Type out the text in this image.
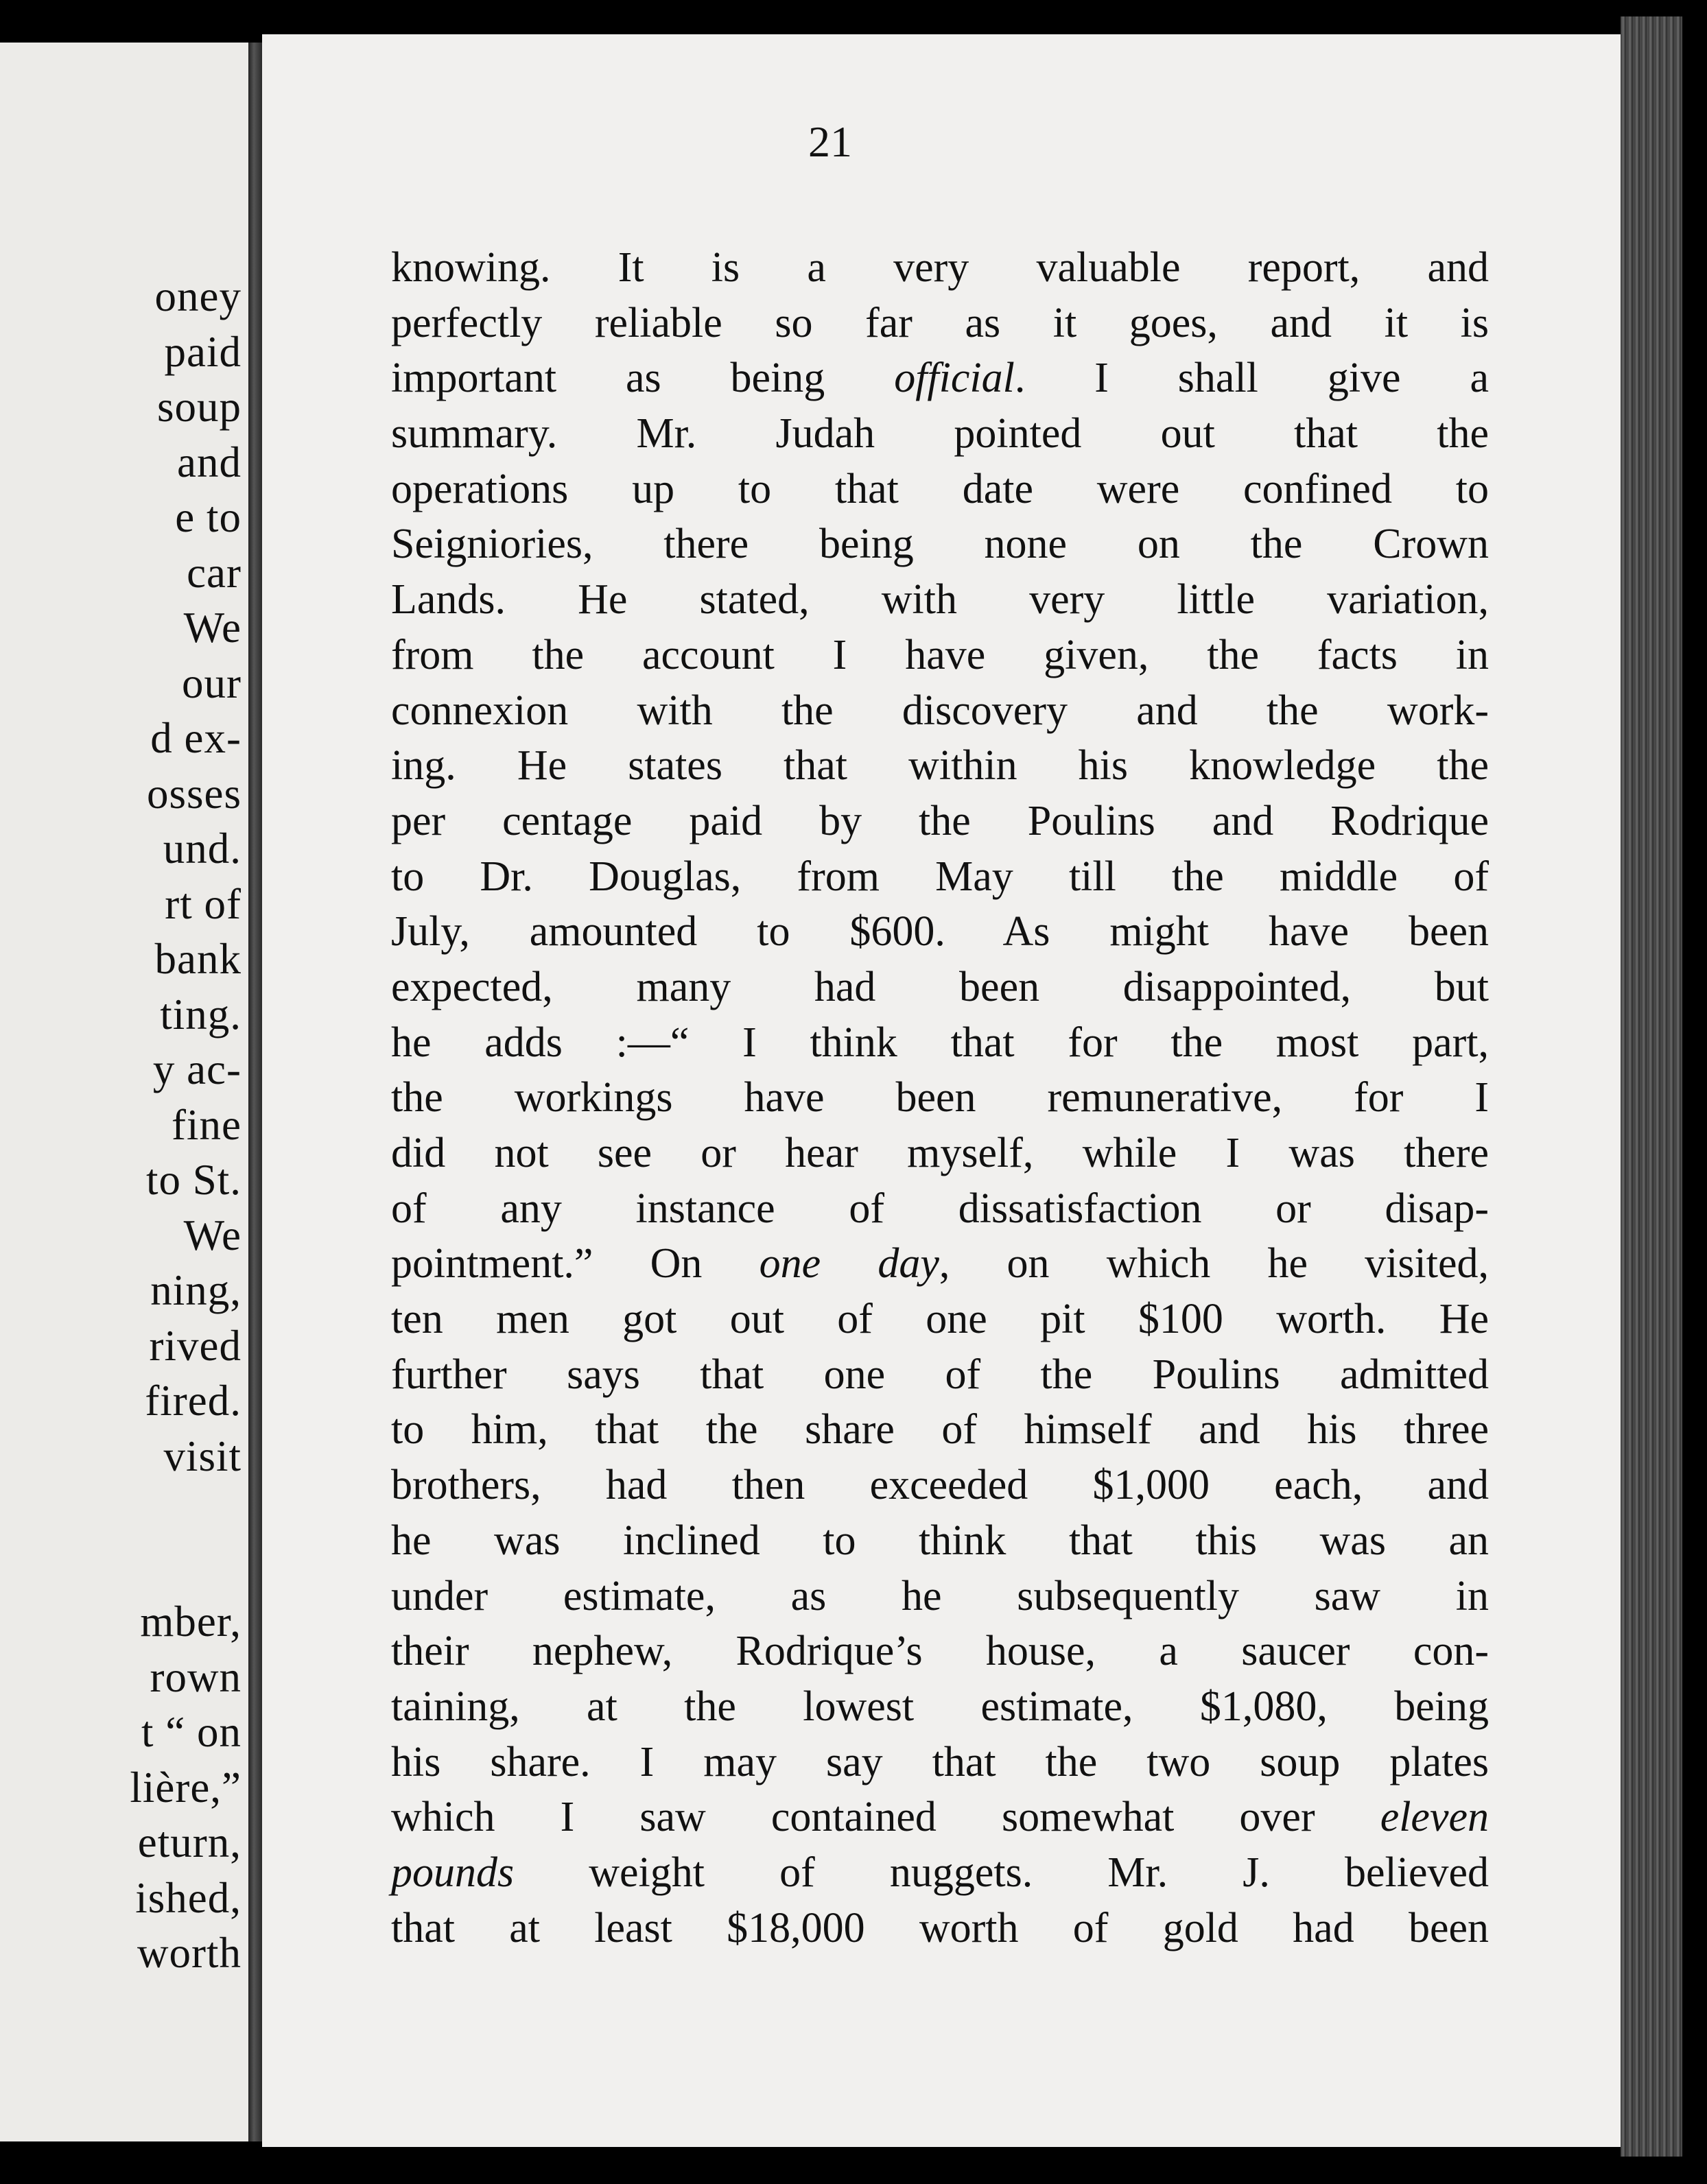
oney
paid
soup
and
e to
car
We
our
d ex-
osses
und.
rt of
bank
ting.
y ac-
fine
to St.
We
ning,
rived
fired.
visit

mber,
rown
t “ on
lière,”
eturn,
ished,
worth
21
knowing. It is a very valuable report, and
perfectly reliable so far as it goes, and it is
important as being official. I shall give a
summary. Mr. Judah pointed out that the
operations up to that date were confined to
Seigniories, there being none on the Crown
Lands. He stated, with very little variation,
from the account I have given, the facts in
connexion with the discovery and the work-
ing. He states that within his knowledge the
per centage paid by the Poulins and Rodrique
to Dr. Douglas, from May till the middle of
July, amounted to $600. As might have been
expected, many had been disappointed, but
he adds :—“ I think that for the most part,
the workings have been remunerative, for I
did not see or hear myself, while I was there
of any instance of dissatisfaction or disap-
pointment.” On one day, on which he visited,
ten men got out of one pit $100 worth. He
further says that one of the Poulins admitted
to him, that the share of himself and his three
brothers, had then exceeded $1,000 each, and
he was inclined to think that this was an
under estimate, as he subsequently saw in
their nephew, Rodrique’s house, a saucer con-
taining, at the lowest estimate, $1,080, being
his share. I may say that the two soup plates
which I saw contained somewhat over eleven
pounds weight of nuggets. Mr. J. believed
that at least $18,000 worth of gold had been
